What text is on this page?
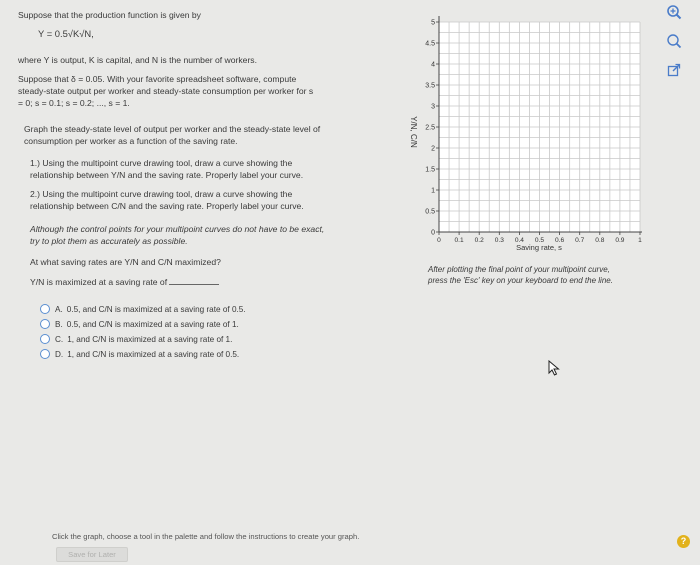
Suppose that the production function is given by
Y = 0.5√K√N,
where Y is output, K is capital, and N is the number of workers.
Suppose that δ = 0.05. With your favorite spreadsheet software, compute
steady-state output per worker and steady-state consumption per worker for s
= 0; s = 0.1; s = 0.2; ..., s = 1.
Graph the steady-state level of output per worker and the steady-state level of
consumption per worker as a function of the saving rate.
1.) Using the multipoint curve drawing tool, draw a curve showing the
relationship between Y/N and the saving rate. Properly label your curve.
2.) Using the multipoint curve drawing tool, draw a curve showing the
relationship between C/N and the saving rate. Properly label your curve.
Although the control points for your multipoint curves do not have to be exact,
try to plot them as accurately as possible.
At what saving rates are Y/N and C/N maximized?
Y/N is maximized at a saving rate of
A. 0.5, and C/N is maximized at a saving rate of 0.5.
B. 0.5, and C/N is maximized at a saving rate of 1.
C. 1, and C/N is maximized at a saving rate of 1.
D. 1, and C/N is maximized at a saving rate of 0.5.
0
0.5
1
1.5
2
2.5
3
3.5
4
4.5
5
0 0.1 0.2 0.3 0.4 0.5 0.6 0.7 0.8 0.9 1
Y/N, C/N
Saving rate, s
After plotting the final point of your multipoint curve,
press the 'Esc' key on your keyboard to end the line.
Click the graph, choose a tool in the palette and follow the instructions to create your graph.
Save for Later
?
